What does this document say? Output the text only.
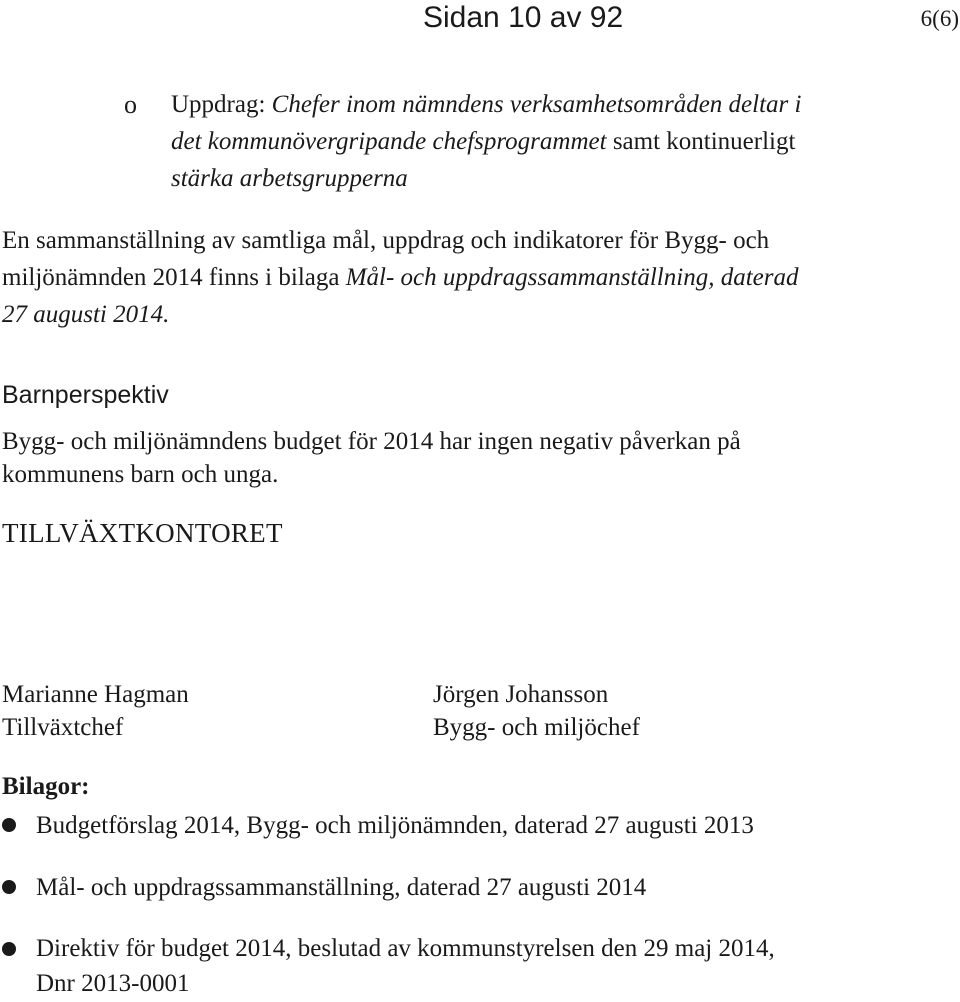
Sidan 10 av 92	6(6)
o Uppdrag: Chefer inom nämndens verksamhetsområden deltar i
det kommunövergripande chefsprogrammet samt kontinuerligt
stärka arbetsgrupperna
En sammanställning av samtliga mål, uppdrag och indikatorer för Bygg- och
miljönämnden 2014 finns i bilaga Mål- och uppdragssammanställning, daterad
27 augusti 2014.
Barnperspektiv
Bygg- och miljönämndens budget för 2014 har ingen negativ påverkan på
kommunens barn och unga.
TILLVÄXTKONTORET
Marianne Hagman
Tillväxtchef
Jörgen Johansson
Bygg- och miljöchef
Bilagor:
Budgetförslag 2014, Bygg- och miljönämnden, daterad 27 augusti 2013
Mål- och uppdragssammanställning, daterad 27 augusti 2014
Direktiv för budget 2014, beslutad av kommunstyrelsen den 29 maj 2014,
Dnr 2013-0001
